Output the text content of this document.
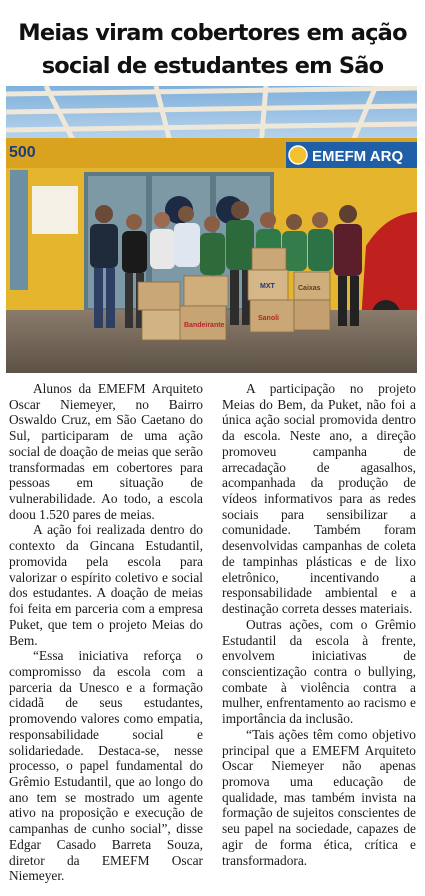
Meias viram cobertores em ação social de estudantes em São
500	EMEFM ARQ
Bandeirante
MXT
Sanoli
Caixas

Alunos da EMEFM Arquiteto Oscar Niemeyer, no Bairro Oswaldo Cruz, em São Caetano do Sul, participaram de uma ação social de doação de meias que serão transformadas em cobertores para pessoas em situação de vulnerabilidade. Ao todo, a escola doou 1.520 pares de meias.

A ação foi realizada dentro do contexto da Gincana Estudantil, promovida pela escola para valorizar o espírito coletivo e social dos estudantes. A doação de meias foi feita em parceria com a empresa Puket, que tem o projeto Meias do Bem.

“Essa iniciativa reforça o compromisso da escola com a parceria da Unesco e a formação cidadã de seus estudantes, promovendo valores como empatia, responsabilidade social e solidariedade. Destaca-se, nesse processo, o papel fundamental do Grêmio Estudantil, que ao longo do ano tem se mostrado um agente ativo na proposição e execução de campanhas de cunho social”, disse Edgar Casado Barreta Souza, diretor da EMEFM Oscar Niemeyer.

A participação no projeto Meias do Bem, da Puket, não foi a única ação social promovida dentro da escola. Neste ano, a direção promoveu campanha de arrecadação de agasalhos, acompanhada da produção de vídeos informativos para as redes sociais para sensibilizar a comunidade. Também foram desenvolvidas campanhas de coleta de tampinhas plásticas e de lixo eletrônico, incentivando a responsabilidade ambiental e a destinação correta desses materiais.

Outras ações, com o Grêmio Estudantil da escola à frente, envolvem iniciativas de conscientização contra o bullying, combate à violência contra a mulher, enfrentamento ao racismo e importância da inclusão.

“Tais ações têm como objetivo principal que a EMEFM Arquiteto Oscar Niemeyer não apenas promova uma educação de qualidade, mas também invista na formação de sujeitos conscientes de seu papel na sociedade, capazes de agir de forma ética, crítica e transformadora.
